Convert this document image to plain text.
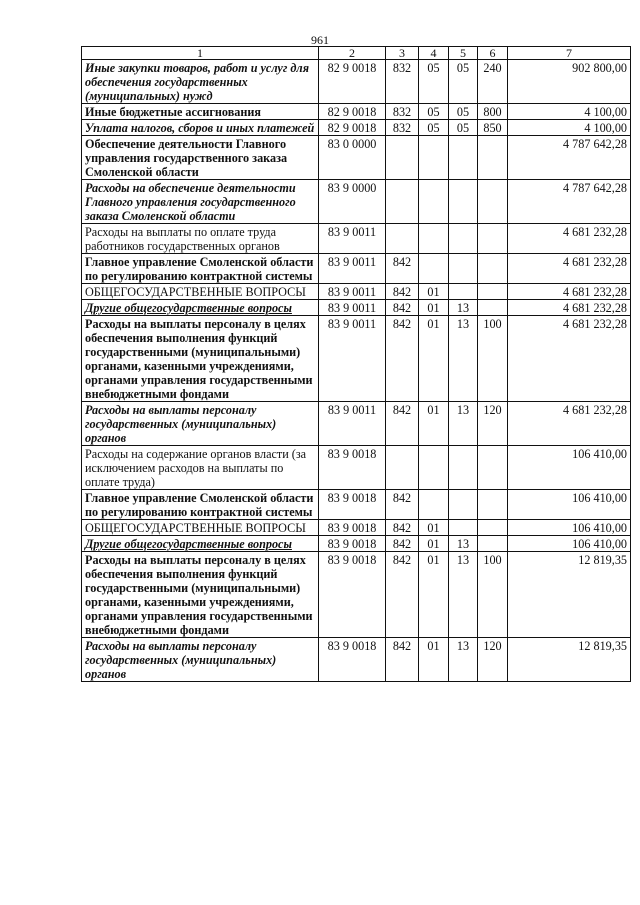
961
1	2	3	4	5	6	7
Иные закупки товаров, работ и услуг для обеспечения государственных (муниципальных) нужд	82 9 0018	832	05	05	240	902 800,00
Иные бюджетные ассигнования	82 9 0018	832	05	05	800	4 100,00
Уплата налогов, сборов и иных платежей	82 9 0018	832	05	05	850	4 100,00
Обеспечение деятельности Главного управления государственного заказа Смоленской области	83 0 0000					4 787 642,28
Расходы на обеспечение деятельности Главного управления государственного заказа Смоленской области	83 9 0000					4 787 642,28
Расходы на выплаты по оплате труда работников государственных органов	83 9 0011					4 681 232,28
Главное управление Смоленской области по регулированию контрактной системы	83 9 0011	842				4 681 232,28
ОБЩЕГОСУДАРСТВЕННЫЕ ВОПРОСЫ	83 9 0011	842	01			4 681 232,28
Другие общегосударственные вопросы	83 9 0011	842	01	13		4 681 232,28
Расходы на выплаты персоналу в целях обеспечения выполнения функций государственными (муниципальными) органами, казенными учреждениями, органами управления государственными внебюджетными фондами	83 9 0011	842	01	13	100	4 681 232,28
Расходы на выплаты персоналу государственных (муниципальных) органов	83 9 0011	842	01	13	120	4 681 232,28
Расходы на содержание органов власти (за исключением расходов на выплаты по оплате труда)	83 9 0018					106 410,00
Главное управление Смоленской области по регулированию контрактной системы	83 9 0018	842				106 410,00
ОБЩЕГОСУДАРСТВЕННЫЕ ВОПРОСЫ	83 9 0018	842	01			106 410,00
Другие общегосударственные вопросы	83 9 0018	842	01	13		106 410,00
Расходы на выплаты персоналу в целях обеспечения выполнения функций государственными (муниципальными) органами, казенными учреждениями, органами управления государственными внебюджетными фондами	83 9 0018	842	01	13	100	12 819,35
Расходы на выплаты персоналу государственных (муниципальных) органов	83 9 0018	842	01	13	120	12 819,35
